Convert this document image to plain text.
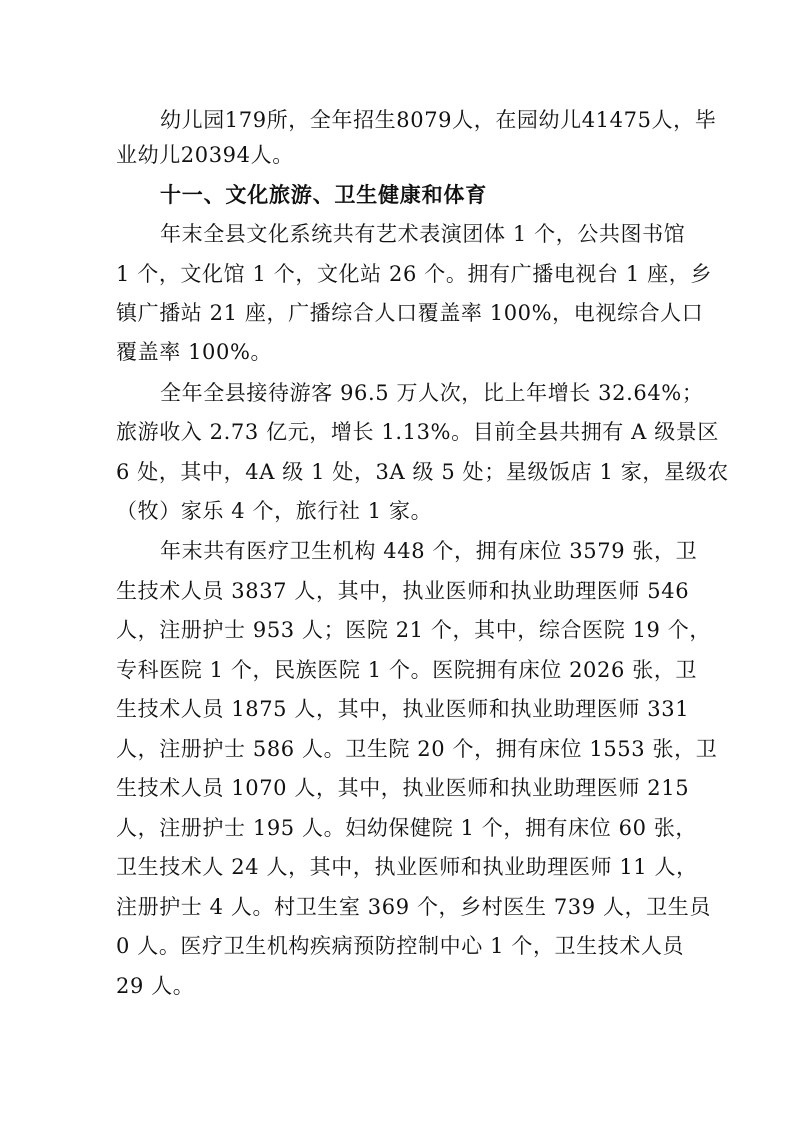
幼儿园179所，全年招生8079人，在园幼儿41475人，毕
业幼儿20394人。
十一、文化旅游、卫生健康和体育
年末全县文化系统共有艺术表演团体 1 个，公共图书馆
1 个，文化馆 1 个，文化站 26 个。拥有广播电视台 1 座，乡
镇广播站 21 座，广播综合人口覆盖率 100%，电视综合人口
覆盖率 100%。
全年全县接待游客 96.5 万人次，比上年增长 32.64%；
旅游收入 2.73 亿元，增长 1.13%。目前全县共拥有 A 级景区
6 处，其中，4A 级 1 处，3A 级 5 处；星级饭店 1 家，星级农
（牧）家乐 4 个，旅行社 1 家。
年末共有医疗卫生机构 448 个，拥有床位 3579 张，卫
生技术人员 3837 人，其中，执业医师和执业助理医师 546
人，注册护士 953 人；医院 21 个，其中，综合医院 19 个，
专科医院 1 个，民族医院 1 个。医院拥有床位 2026 张，卫
生技术人员 1875 人，其中，执业医师和执业助理医师 331
人，注册护士 586 人。卫生院 20 个，拥有床位 1553 张，卫
生技术人员 1070 人，其中，执业医师和执业助理医师 215
人，注册护士 195 人。妇幼保健院 1 个，拥有床位 60 张，
卫生技术人 24 人，其中，执业医师和执业助理医师 11 人，
注册护士 4 人。村卫生室 369 个，乡村医生 739 人，卫生员
0 人。医疗卫生机构疾病预防控制中心 1 个，卫生技术人员
29 人。
